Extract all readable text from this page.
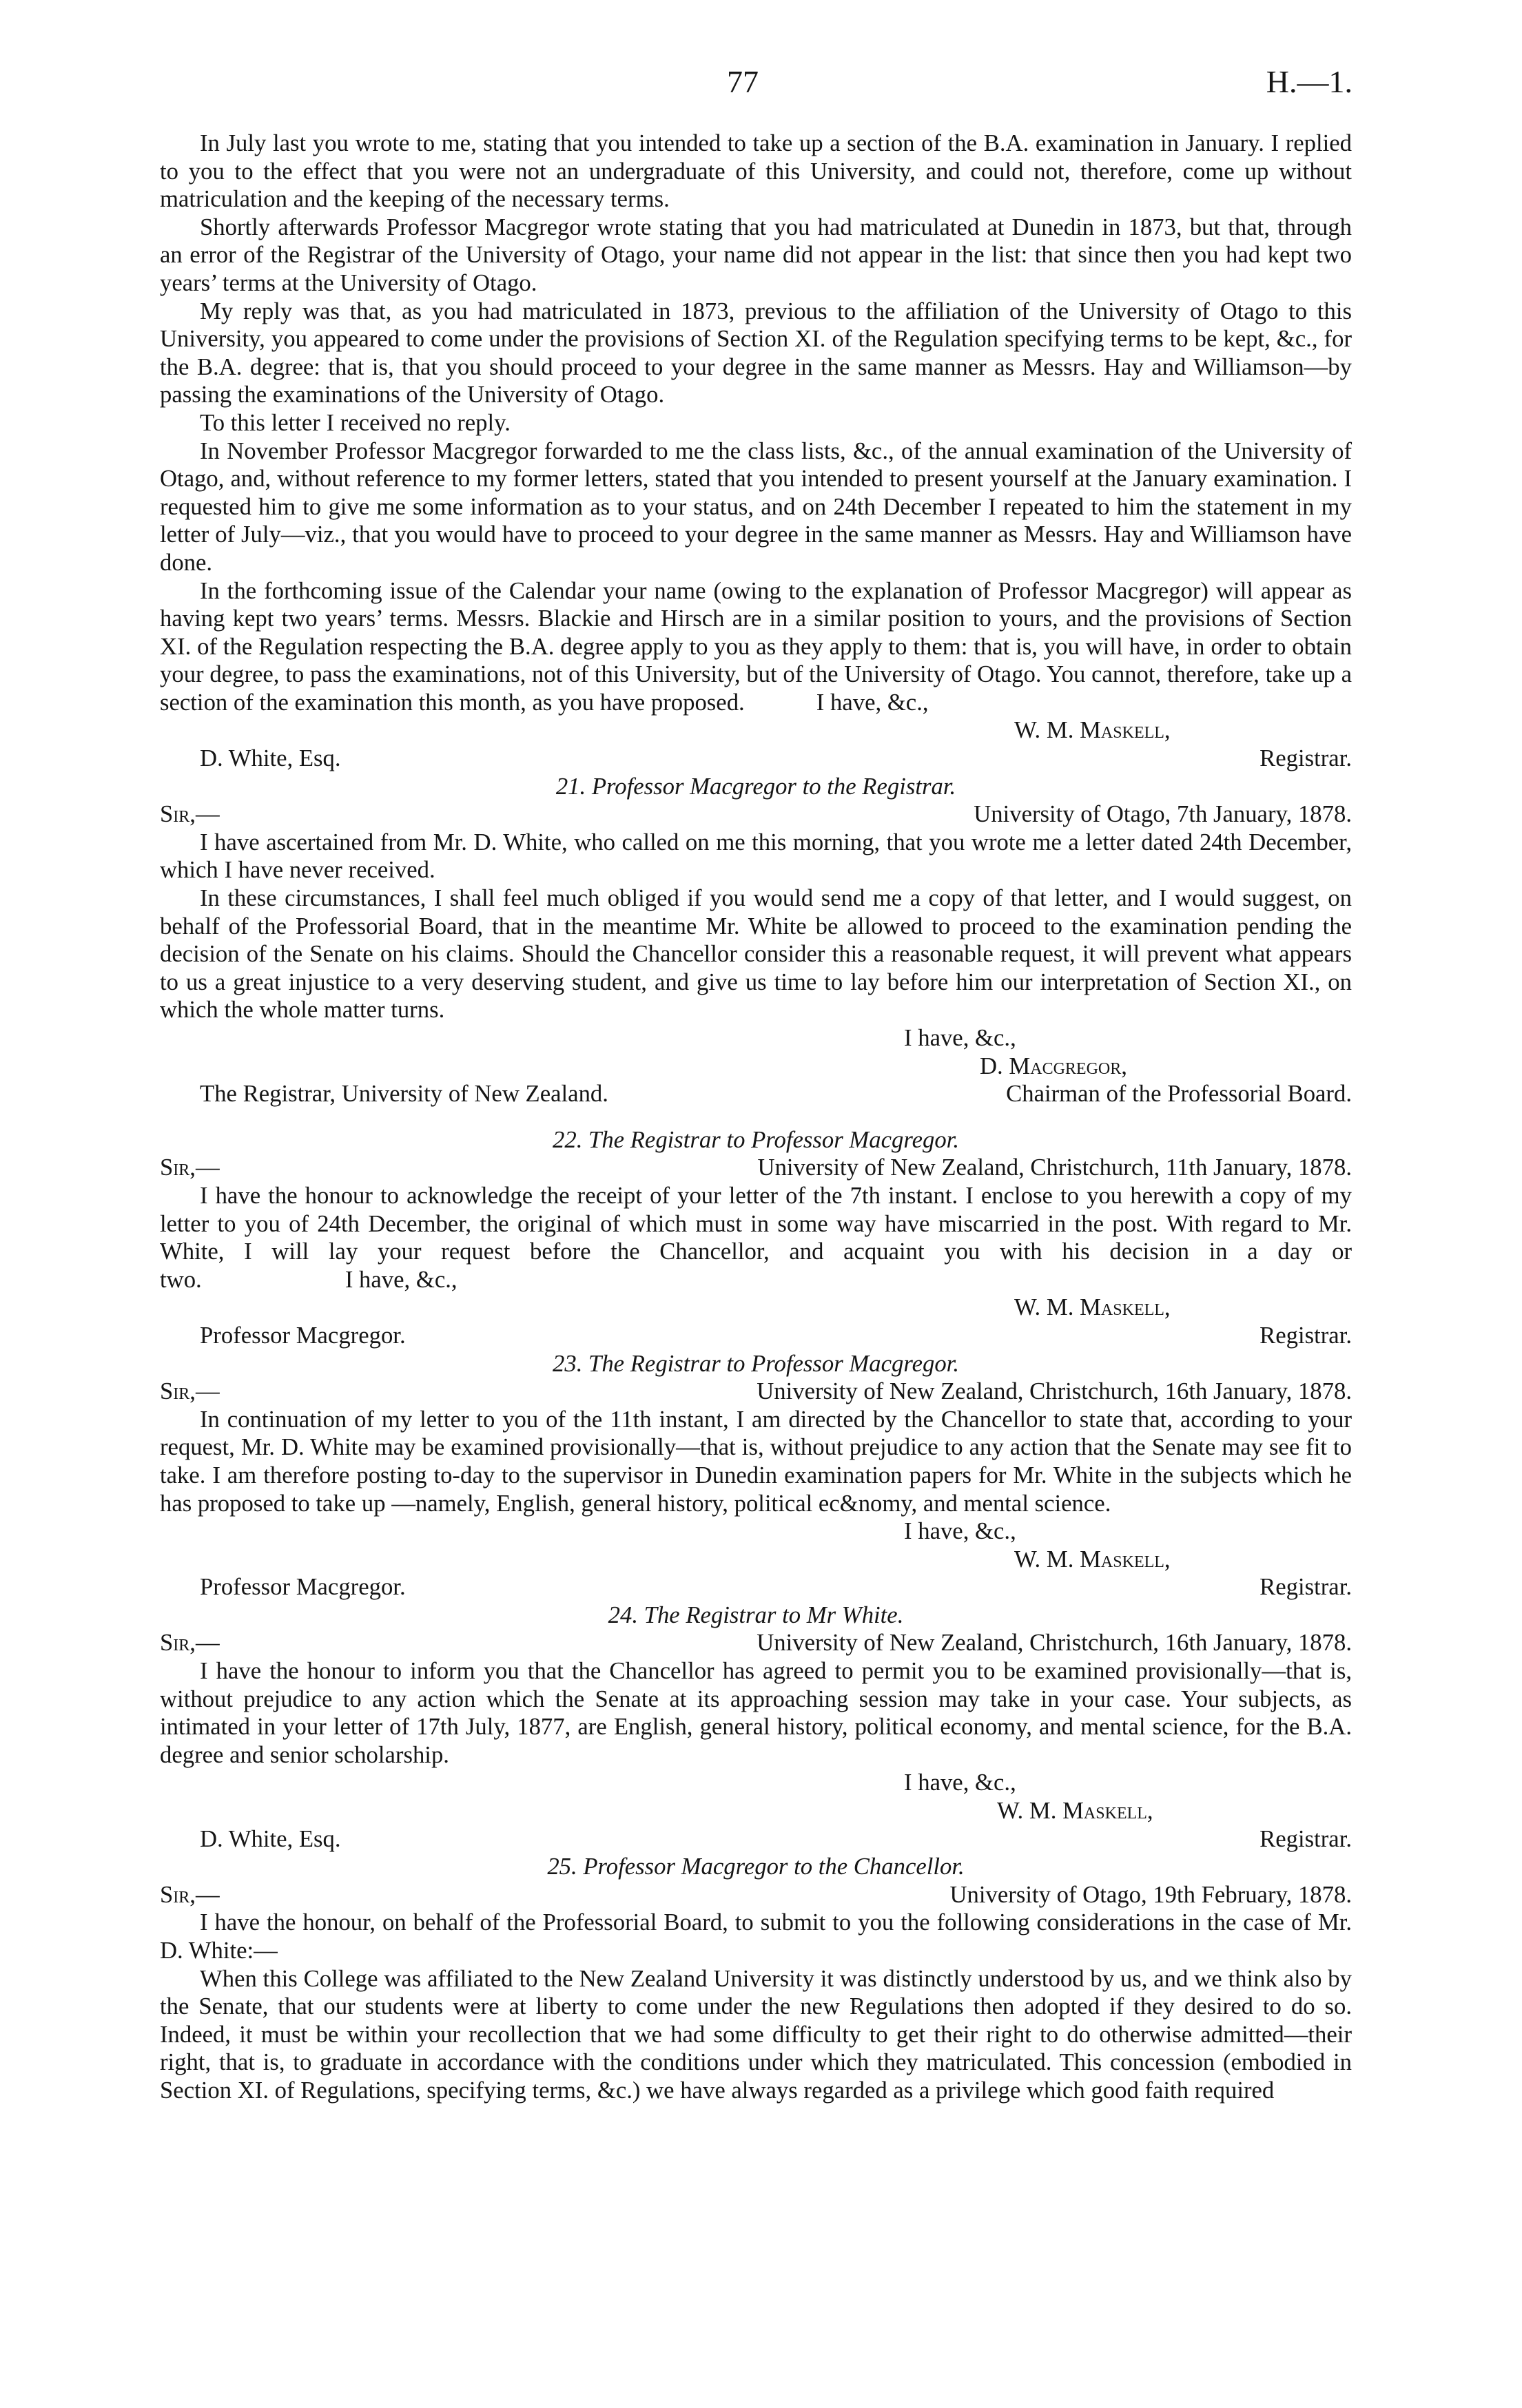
77	H.—1.

In July last you wrote to me, stating that you intended to take up a section of the B.A. examination in January. I replied to you to the effect that you were not an undergraduate of this University, and could not, therefore, come up without matriculation and the keeping of the necessary terms.

Shortly afterwards Professor Macgregor wrote stating that you had matriculated at Dunedin in 1873, but that, through an error of the Registrar of the University of Otago, your name did not appear in the list: that since then you had kept two years’ terms at the University of Otago.

My reply was that, as you had matriculated in 1873, previous to the affiliation of the University of Otago to this University, you appeared to come under the provisions of Section XI. of the Regulation specifying terms to be kept, &c., for the B.A. degree: that is, that you should proceed to your degree in the same manner as Messrs. Hay and Williamson—by passing the examinations of the University of Otago.

To this letter I received no reply.

In November Professor Macgregor forwarded to me the class lists, &c., of the annual examination of the University of Otago, and, without reference to my former letters, stated that you intended to present yourself at the January examination. I requested him to give me some information as to your status, and on 24th December I repeated to him the statement in my letter of July—viz., that you would have to proceed to your degree in the same manner as Messrs. Hay and Williamson have done.

In the forthcoming issue of the Calendar your name (owing to the explanation of Professor Macgregor) will appear as having kept two years’ terms. Messrs. Blackie and Hirsch are in a similar position to yours, and the provisions of Section XI. of the Regulation respecting the B.A. degree apply to you as they apply to them: that is, you will have, in order to obtain your degree, to pass the examinations, not of this University, but of the University of Otago. You cannot, therefore, take up a section of the examination this month, as you have proposed.	I have, &c.,

W. M. Maskell,
D. White, Esq.	Registrar.
21. Professor Macgregor to the Registrar.
Sir,—	University of Otago, 7th January, 1878.

I have ascertained from Mr. D. White, who called on me this morning, that you wrote me a letter dated 24th December, which I have never received.

In these circumstances, I shall feel much obliged if you would send me a copy of that letter, and I would suggest, on behalf of the Professorial Board, that in the meantime Mr. White be allowed to proceed to the examination pending the decision of the Senate on his claims. Should the Chancellor consider this a reasonable request, it will prevent what appears to us a great injustice to a very deserving student, and give us time to lay before him our interpretation of Section XI., on which the whole matter turns.

I have, &c.,
D. Macgregor,
The Registrar, University of New Zealand.	Chairman of the Professorial Board.
22. The Registrar to Professor Macgregor.
Sir,—	University of New Zealand, Christchurch, 11th January, 1878.

I have the honour to acknowledge the receipt of your letter of the 7th instant. I enclose to you herewith a copy of my letter to you of 24th December, the original of which must in some way have miscarried in the post. With regard to Mr. White, I will lay your request before the Chancellor, and acquaint you with his decision in a day or two.	I have, &c.,

W. M. Maskell,
Professor Macgregor.	Registrar.
23. The Registrar to Professor Macgregor.
Sir,—	University of New Zealand, Christchurch, 16th January, 1878.

In continuation of my letter to you of the 11th instant, I am directed by the Chancellor to state that, according to your request, Mr. D. White may be examined provisionally—that is, without prejudice to any action that the Senate may see fit to take. I am therefore posting to-day to the supervisor in Dunedin examination papers for Mr. White in the subjects which he has proposed to take up —namely, English, general history, political ec&nomy, and mental science.

I have, &c.,
W. M. Maskell,
Professor Macgregor.	Registrar.
24. The Registrar to Mr White.
Sir,—	University of New Zealand, Christchurch, 16th January, 1878.

I have the honour to inform you that the Chancellor has agreed to permit you to be examined provisionally—that is, without prejudice to any action which the Senate at its approaching session may take in your case. Your subjects, as intimated in your letter of 17th July, 1877, are English, general history, political economy, and mental science, for the B.A. degree and senior scholarship.

I have, &c.,
W. M. Maskell,
D. White, Esq.	Registrar.
25. Professor Macgregor to the Chancellor.
Sir,—	University of Otago, 19th February, 1878.

I have the honour, on behalf of the Professorial Board, to submit to you the following considerations in the case of Mr. D. White:—

When this College was affiliated to the New Zealand University it was distinctly understood by us, and we think also by the Senate, that our students were at liberty to come under the new Regulations then adopted if they desired to do so. Indeed, it must be within your recollection that we had some difficulty to get their right to do otherwise admitted—their right, that is, to graduate in accordance with the conditions under which they matriculated. This concession (embodied in Section XI. of Regulations, specifying terms, &c.) we have always regarded as a privilege which good faith required
